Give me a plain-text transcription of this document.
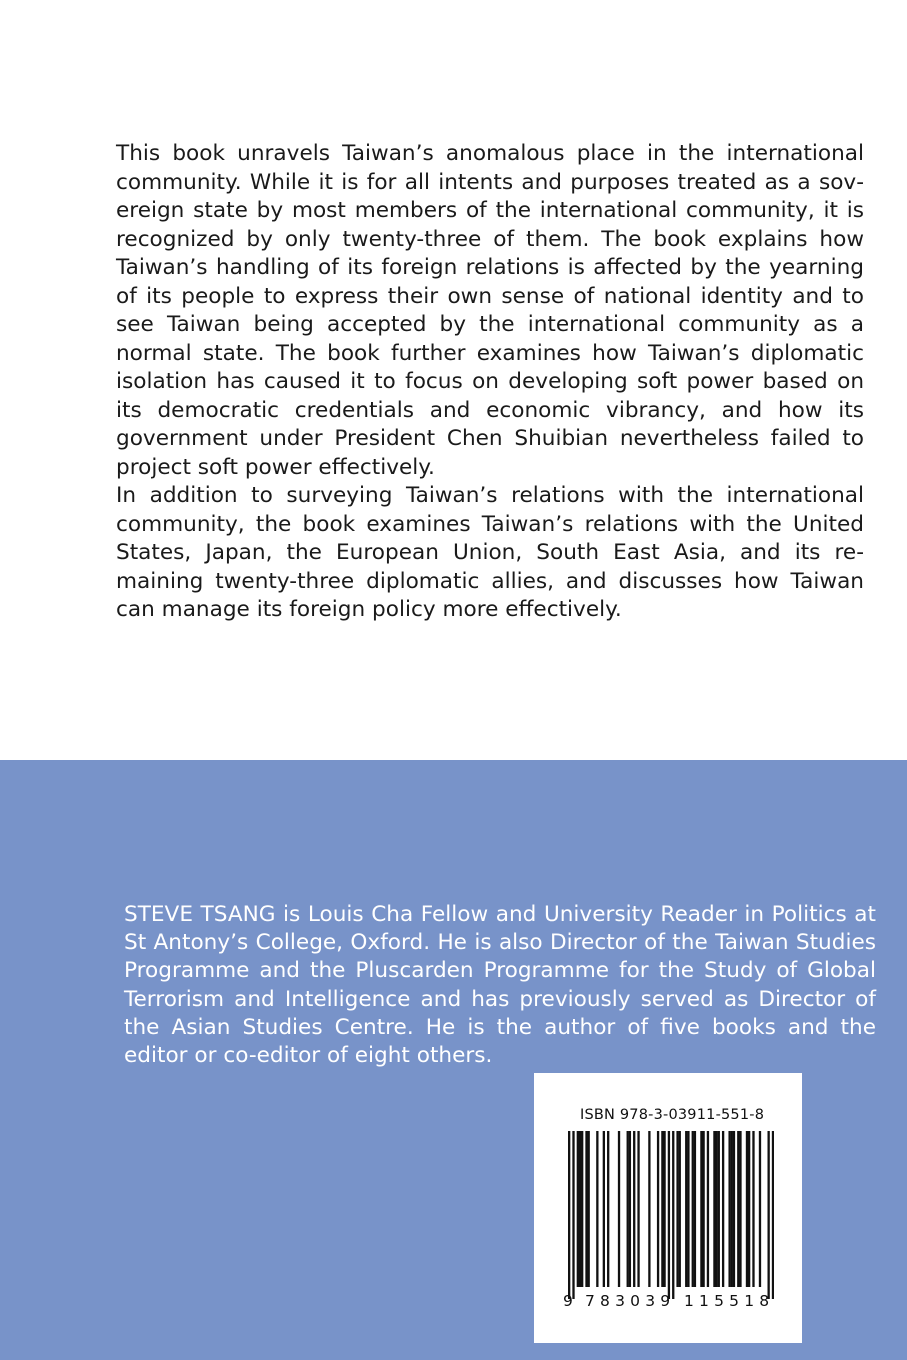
This book unravels Taiwan’s anomalous place in the international community. While it is for all intents and purposes treated as a sovereign state by most members of the international community, it is recognized by only twenty-three of them. The book explains how Taiwan’s handling of its foreign relations is affected by the yearning of its people to express their own sense of national identity and to see Taiwan being accepted by the international community as a normal state. The book further examines how Taiwan’s diplomatic isolation has caused it to focus on developing soft power based on its democratic credentials and economic vibrancy, and how its government under President Chen Shuibian nevertheless failed to project soft power effectively.

In addition to surveying Taiwan’s relations with the international community, the book examines Taiwan’s relations with the United States, Japan, the European Union, South East Asia, and its remaining twenty-three diplomatic allies, and discusses how Taiwan can manage its foreign policy more effectively.

STEVE TSANG is Louis Cha Fellow and University Reader in Politics at St Antony’s College, Oxford. He is also Director of the Taiwan Studies Programme and the Pluscarden Programme for the Study of Global Terrorism and Intelligence and has previously served as Director of the Asian Studies Centre. He is the author of five books and the editor or co-editor of eight others.
ISBN 978-3-03911-551-8
9 783039 115518
